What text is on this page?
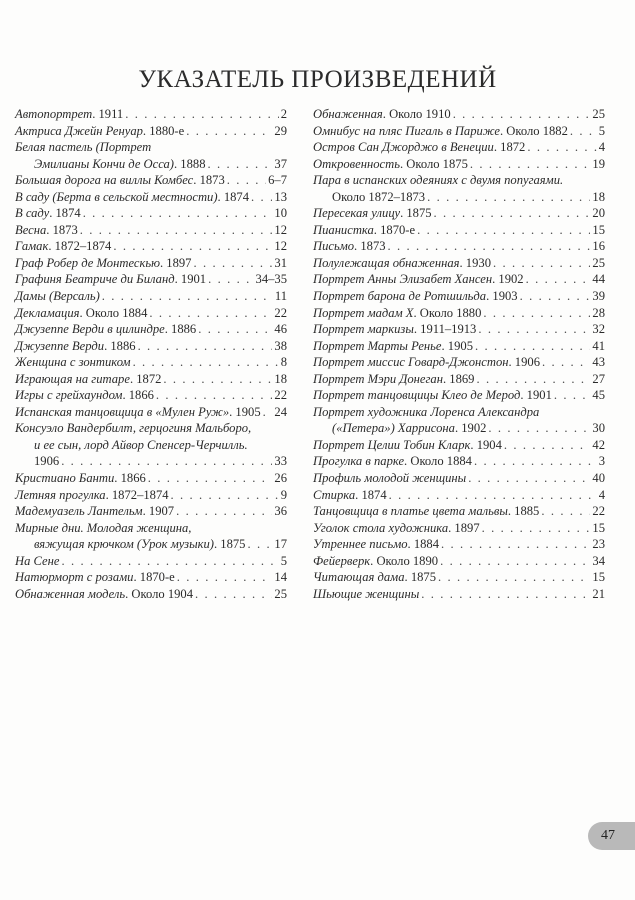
УКАЗАТЕЛЬ ПРОИЗВЕДЕНИЙ
Автопортрет . 1911 . . .	2
Актриса Джейн Ренуар . 1880-е . . .	29
Белая пастель (Портрет
Эмилианы Кончи де Осса) . 1888 . . .	37
Большая дорога на виллы Комбес . 1873 . . .	6–7
В саду (Берта в сельской местности) . 1874 . . . 13
В саду . 1874 . . .	10
Весна . 1873 . . .	12
Гамак . 1872–1874 . . .	12
Граф Робер де Монтескью . 1897 . . .	31
Графиня Беатриче ди Биланд . 1901 . . .	34–35
Дамы (Версаль) . . .	11
Декламация . Около 1884 . . .	22
Джузеппе Верди в цилиндре . 1886 . . .	46
Джузеппе Верди . 1886 . . .	38
Женщина с зонтиком . . .	8
Играющая на гитаре . 1872 . . .	18
Игры с грейхаундом . 1866 . . .	22
Испанская танцовщица в «Мулен Руж» . 1905 . . . 24
Консуэло Вандербилт, герцогиня Мальборо,
и ее сын, лорд Айвор Спенсер-Черчилль.
1906 . . .	33
Кристиано Банти . 1866 . . .	26
Летняя прогулка . 1872–1874 . . .	9
Мадемуазель Лантельм . 1907 . . .	36
Мирные дни. Молодая женщина,
вяжущая крючком (Урок музыки) . 1875 . . . 17
На Сене . . .	5
Натюрморт с розами . 1870-е . . .	14
Обнаженная модель . Около 1904 . . .	25
Обнаженная . Около 1910 . . .	25
Омнибус на пляс Пигаль в Париже . Около 1882 . . . 5
Остров Сан Джорджо в Венеции . 1872 . . .	4
Откровенность . Около 1875 . . .	19
Пара в испанских одеяниях с двумя попугаями.
Около 1872–1873 . . .	18
Пересекая улицу . 1875 . . .	20
Пианистка . 1870-е . . .	15
Письмо . 1873 . . .	16
Полулежащая обнаженная . 1930 . . .	25
Портрет Анны Элизабет Хансен . 1902 . . .	44
Портрет барона де Ротшильда . 1903 . . .	39
Портрет мадам Х . Около 1880 . . .	28
Портрет маркизы . 1911–1913 . . .	32
Портрет Марты Ренье . 1905 . . .	41
Портрет миссис Говард-Джонстон . 1906 . . .	43
Портрет Мэри Донеган . 1869 . . .	27
Портрет танцовщицы Клео де Мерод . 1901 . . .	45
Портрет художника Лоренса Александра
(«Петера») Харрисона . 1902 . . .	30
Портрет Целии Тобин Кларк . 1904 . . .	42
Прогулка в парке . Около 1884 . . .	3
Профиль молодой женщины . . .	40
Стирка . 1874 . . .	4
Танцовщица в платье цвета мальвы . 1885 . . .	22
Уголок стола художника . 1897 . . .	15
Утреннее письмо . 1884 . . .	23
Фейерверк . Около 1890 . . .	34
Читающая дама . 1875 . . .	15
Шьющие женщины . . .	21
47
